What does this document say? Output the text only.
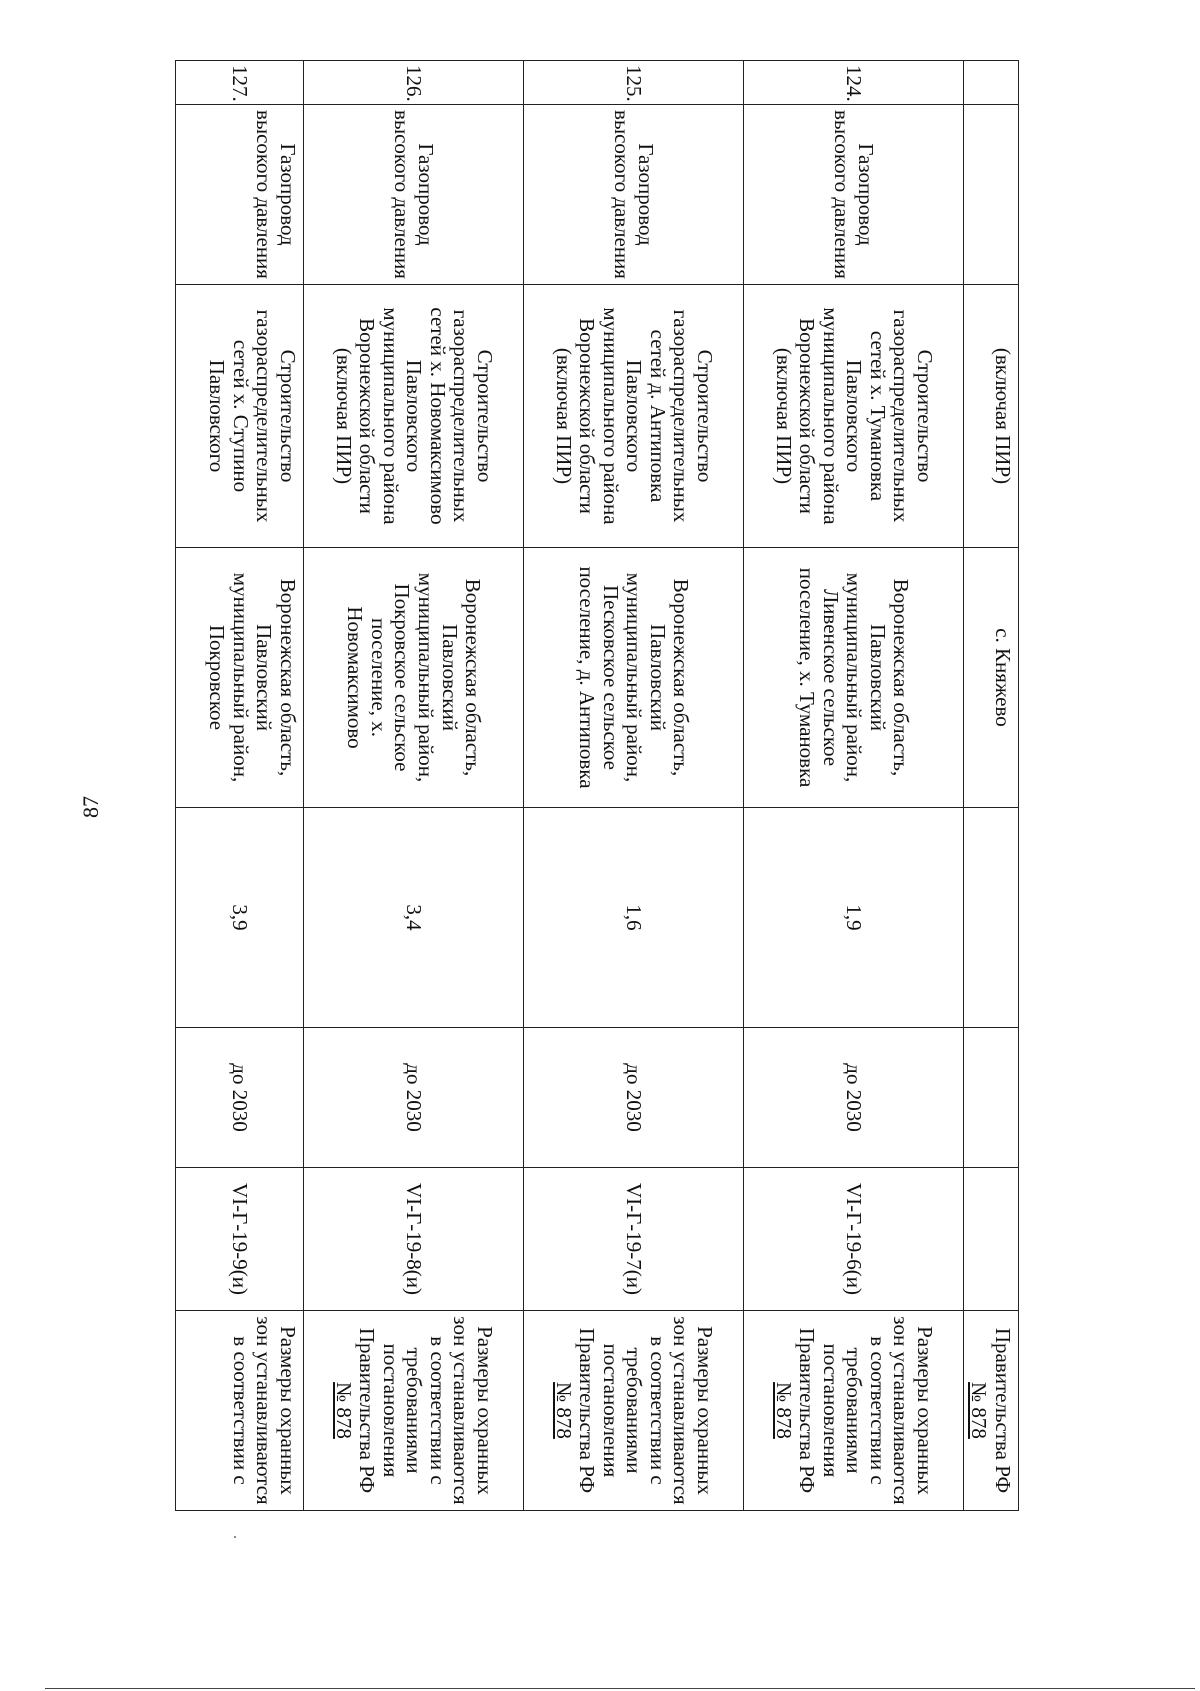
87
		(включая ПИР)	с. Княжево				Правительства РФ
№ 878
124.	Газопровод высокого давления	Строительство газораспределительных сетей х. Тумановка Павловского муниципального района Воронежской области (включая ПИР)	Воронежская область, Павловский муниципальный район, Ливенское сельское поселение, х. Тумановка	1,9	до 2030	VI-Г-19-6(и)	Размеры охранных зон устанавливаются в соответствии с требованиями постановления Правительства РФ
№ 878
125.	Газопровод высокого давления	Строительство газораспределительных сетей д. Антиповка Павловского муниципального района Воронежской области (включая ПИР)	Воронежская область, Павловский муниципальный район, Песковское сельское поселение, д. Антиповка	1,6	до 2030	VI-Г-19-7(и)	Размеры охранных зон устанавливаются в соответствии с требованиями постановления Правительства РФ
№ 878
126.	Газопровод высокого давления	Строительство газораспределительных сетей х. Новомаксимово Павловского муниципального района Воронежской области (включая ПИР)	Воронежская область, Павловский муниципальный район, Покровское сельское поселение, х. Новомаксимово	3,4	до 2030	VI-Г-19-8(и)	Размеры охранных зон устанавливаются в соответствии с требованиями постановления Правительства РФ
№ 878
127.	Газопровод высокого давления	Строительство газораспределительных сетей х. Ступино Павловского	Воронежская область, Павловский муниципальный район, Покровское	3,9	до 2030	VI-Г-19-9(и)	Размеры охранных зон устанавливаются в соответствии с
